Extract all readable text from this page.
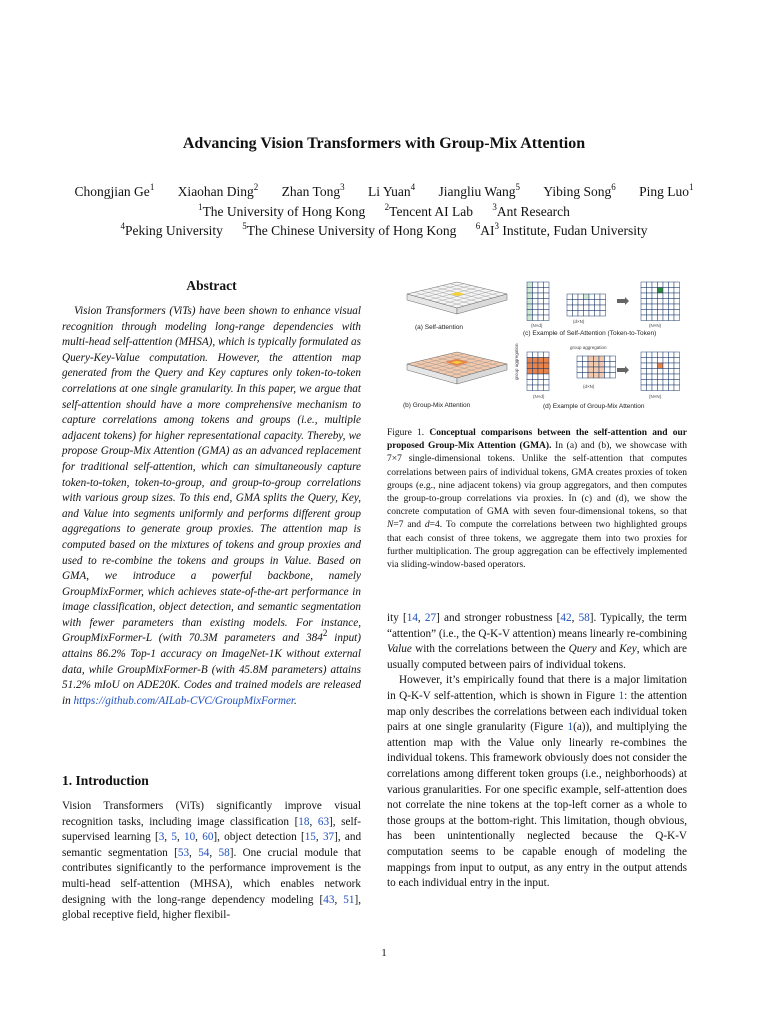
Advancing Vision Transformers with Group-Mix Attention
Chongjian Ge$^1$ Xiaohan Ding$^2$ Zhan Tong$^3$ Li Yuan$^4$ Jiangliu Wang$^5$ Yibing Song$^6$ Ping Luo$^1$
$^1$The University of Hong Kong $^2$Tencent AI Lab $^3$Ant Research
$^4$Peking University $^5$The Chinese University of Hong Kong $^6AI^3$ Institute, Fudan University
Abstract
Vision Transformers (ViTs) have been shown to enhance visual recognition through modeling long-range dependencies with multi-head self-attention (MHSA), which is typically formulated as Query-Key-Value computation. However, the attention map generated from the Query and Key captures only token-to-token correlations at one single granularity. In this paper, we argue that self-attention should have a more comprehensive mechanism to capture correlations among tokens and groups (i.e., multiple adjacent tokens) for higher representational capacity. Thereby, we propose Group-Mix Attention (GMA) as an advanced replacement for traditional self-attention, which can simultaneously capture token-to-token, token-to-group, and group-to-group correlations with various group sizes. To this end, GMA splits the Query, Key, and Value into segments uniformly and performs different group aggregations to generate group proxies. The attention map is computed based on the mixtures of tokens and group proxies and used to re-combine the tokens and groups in Value. Based on GMA, we introduce a powerful backbone, namely GroupMixFormer, which achieves state-of-the-art performance in image classification, object detection, and semantic segmentation with fewer parameters than existing models. For instance, GroupMixFormer-L (with 70.3M parameters and $384^2$ input) attains 86.2% Top-1 accuracy on ImageNet-1K without external data, while GroupMixFormer-B (with 45.8M parameters) attains 51.2% mIoU on ADE20K. Codes and trained models are released in https://github.com/AILab-CVC/GroupMixFormer.
1. Introduction
Vision Transformers (ViTs) significantly improve visual recognition tasks, including image classification [18, 63], self-supervised learning [3, 5, 10, 60], object detection [15, 37], and semantic segmentation [53, 54, 58]. One crucial module that contributes significantly to the performance improvement is the multi-head self-attention (MHSA), which enables network designing with the long-range dependency modeling [43, 51], global receptive field, higher flexibil-
(a) Self-attention
(b) Group-Mix Attention
(N×d)
(d×N)
(N×N)
(c) Example of Self-Attention (Token-to-Token)
group aggregation
group aggregation
(N×d)
(d×N)
(N×N)
(d) Example of Group-Mix Attention
Figure 1. Conceptual comparisons between the self-attention and our proposed Group-Mix Attention (GMA). In (a) and (b), we showcase with 7×7 single-dimensional tokens. Unlike the self-attention that computes correlations between pairs of individual tokens, GMA creates proxies of token groups (e.g., nine adjacent tokens) via group aggregators, and then computes the group-to-group correlations via proxies. In (c) and (d), we show the concrete computation of GMA with seven four-dimensional tokens, so that N=7 and d=4. To compute the correlations between two highlighted groups that each consist of three tokens, we aggregate them into two proxies for further multiplication. The group aggregation can be effectively implemented via sliding-window-based operators.

ity [14, 27] and stronger robustness [42, 58]. Typically, the term “attention” (i.e., the Q-K-V attention) means linearly re-combining Value with the correlations between the Query and Key, which are usually computed between pairs of individual tokens.

However, it’s empirically found that there is a major limitation in Q-K-V self-attention, which is shown in Figure 1: the attention map only describes the correlations between each individual token pairs at one single granularity (Figure 1(a)), and multiplying the attention map with the Value only linearly re-combines the individual tokens. This framework obviously does not consider the correlations among different token groups (i.e., neighborhoods) at various granularities. For one specific example, self-attention does not correlate the nine tokens at the top-left corner as a whole to those groups at the bottom-right. This limitation, though obvious, has been unintentionally neglected because the Q-K-V computation seems to be capable enough of modeling the mappings from input to output, as any entry in the output attends to each individual entry in the input.

1
